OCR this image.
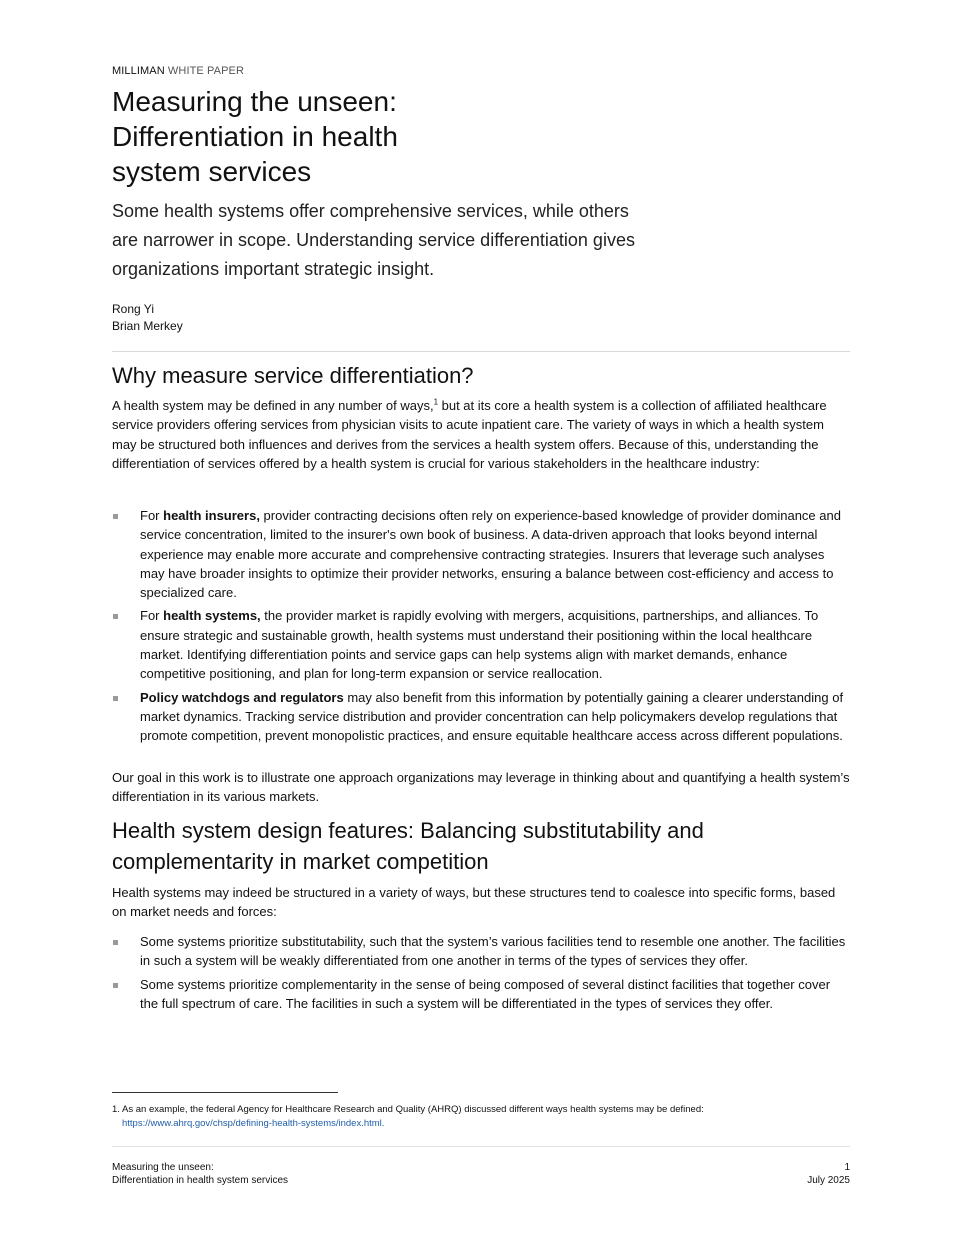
MILLIMAN WHITE PAPER
Measuring the unseen:
Differentiation in health
system services

Some health systems offer comprehensive services, while others
are narrower in scope. Understanding service differentiation gives
organizations important strategic insight.

Rong Yi
Brian Merkey
Why measure service differentiation?

A health system may be defined in any number of ways,$^1$ but at its core a health system is a collection of affiliated healthcare service providers offering services from physician visits to acute inpatient care. The variety of ways in which a health system may be structured both influences and derives from the services a health system offers. Because of this, understanding the differentiation of services offered by a health system is crucial for various stakeholders in the healthcare industry:

For health insurers, provider contracting decisions often rely on experience-based knowledge of provider dominance and service concentration, limited to the insurer's own book of business. A data-driven approach that looks beyond internal experience may enable more accurate and comprehensive contracting strategies. Insurers that leverage such analyses may have broader insights to optimize their provider networks, ensuring a balance between cost-efficiency and access to specialized care.
For health systems, the provider market is rapidly evolving with mergers, acquisitions, partnerships, and alliances. To ensure strategic and sustainable growth, health systems must understand their positioning within the local healthcare market. Identifying differentiation points and service gaps can help systems align with market demands, enhance competitive positioning, and plan for long-term expansion or service reallocation.
Policy watchdogs and regulators may also benefit from this information by potentially gaining a clearer understanding of market dynamics. Tracking service distribution and provider concentration can help policymakers develop regulations that promote competition, prevent monopolistic practices, and ensure equitable healthcare access across different populations.

Our goal in this work is to illustrate one approach organizations may leverage in thinking about and quantifying a health system’s differentiation in its various markets.

Health system design features: Balancing substitutability and complementarity in market competition

Health systems may indeed be structured in a variety of ways, but these structures tend to coalesce into specific forms, based on market needs and forces:

Some systems prioritize substitutability, such that the system’s various facilities tend to resemble one another. The facilities in such a system will be weakly differentiated from one another in terms of the types of services they offer.
Some systems prioritize complementarity in the sense of being composed of several distinct facilities that together cover the full spectrum of care. The facilities in such a system will be differentiated in the types of services they offer.
1. As an example, the federal Agency for Healthcare Research and Quality (AHRQ) discussed different ways health systems may be defined:
https://www.ahrq.gov/chsp/defining-health-systems/index.html.
Measuring the unseen:
Differentiation in health system services
1
July 2025
